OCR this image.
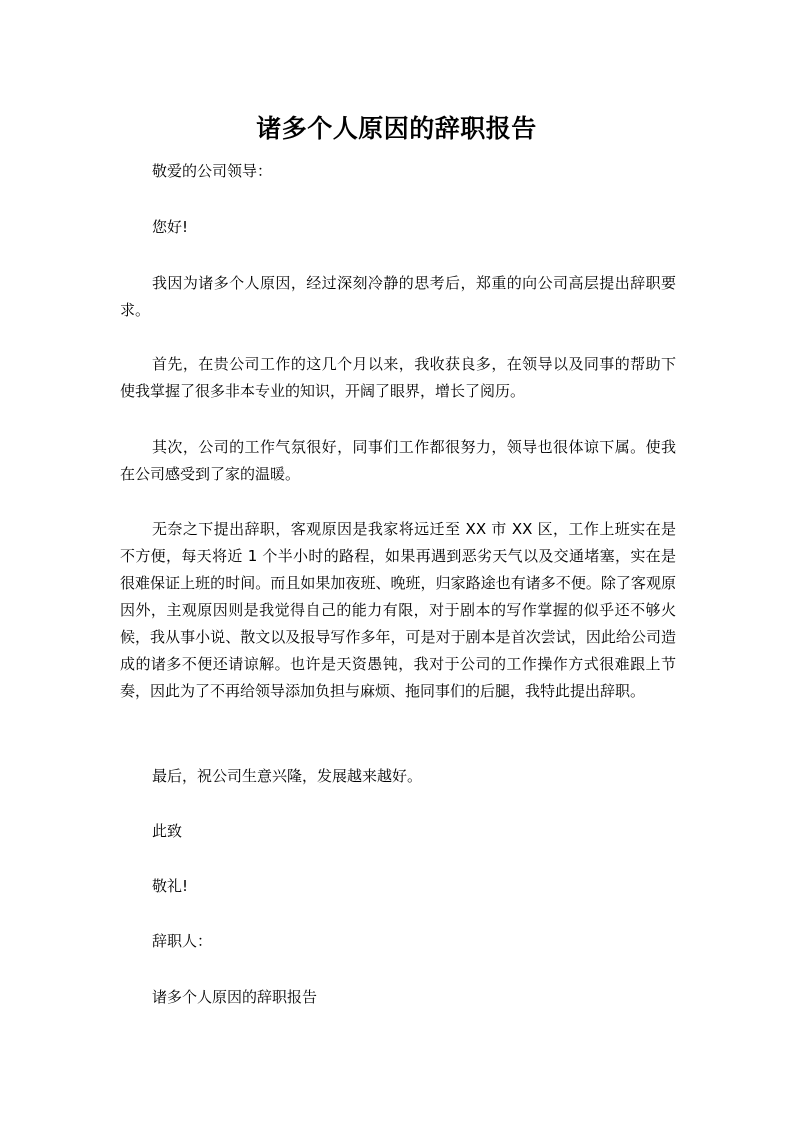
诸多个人原因的辞职报告

敬爱的公司领导：

您好!

我因为诸多个人原因，经过深刻冷静的思考后，郑重的向公司高层提出辞职要求。

首先，在贵公司工作的这几个月以来，我收获良多，在领导以及同事的帮助下使我掌握了很多非本专业的知识，开阔了眼界，增长了阅历。

其次，公司的工作气氛很好，同事们工作都很努力，领导也很体谅下属。使我在公司感受到了家的温暖。

无奈之下提出辞职，客观原因是我家将远迁至 XX 市 XX 区，工作上班实在是不方便，每天将近 1 个半小时的路程，如果再遇到恶劣天气以及交通堵塞，实在是很难保证上班的时间。而且如果加夜班、晚班，归家路途也有诸多不便。除了客观原因外，主观原因则是我觉得自己的能力有限，对于剧本的写作掌握的似乎还不够火候，我从事小说、散文以及报导写作多年，可是对于剧本是首次尝试，因此给公司造成的诸多不便还请谅解。也许是天资愚钝，我对于公司的工作操作方式很难跟上节奏，因此为了不再给领导添加负担与麻烦、拖同事们的后腿，我特此提出辞职。

最后，祝公司生意兴隆，发展越来越好。

此致

敬礼!

辞职人：

诸多个人原因的辞职报告
